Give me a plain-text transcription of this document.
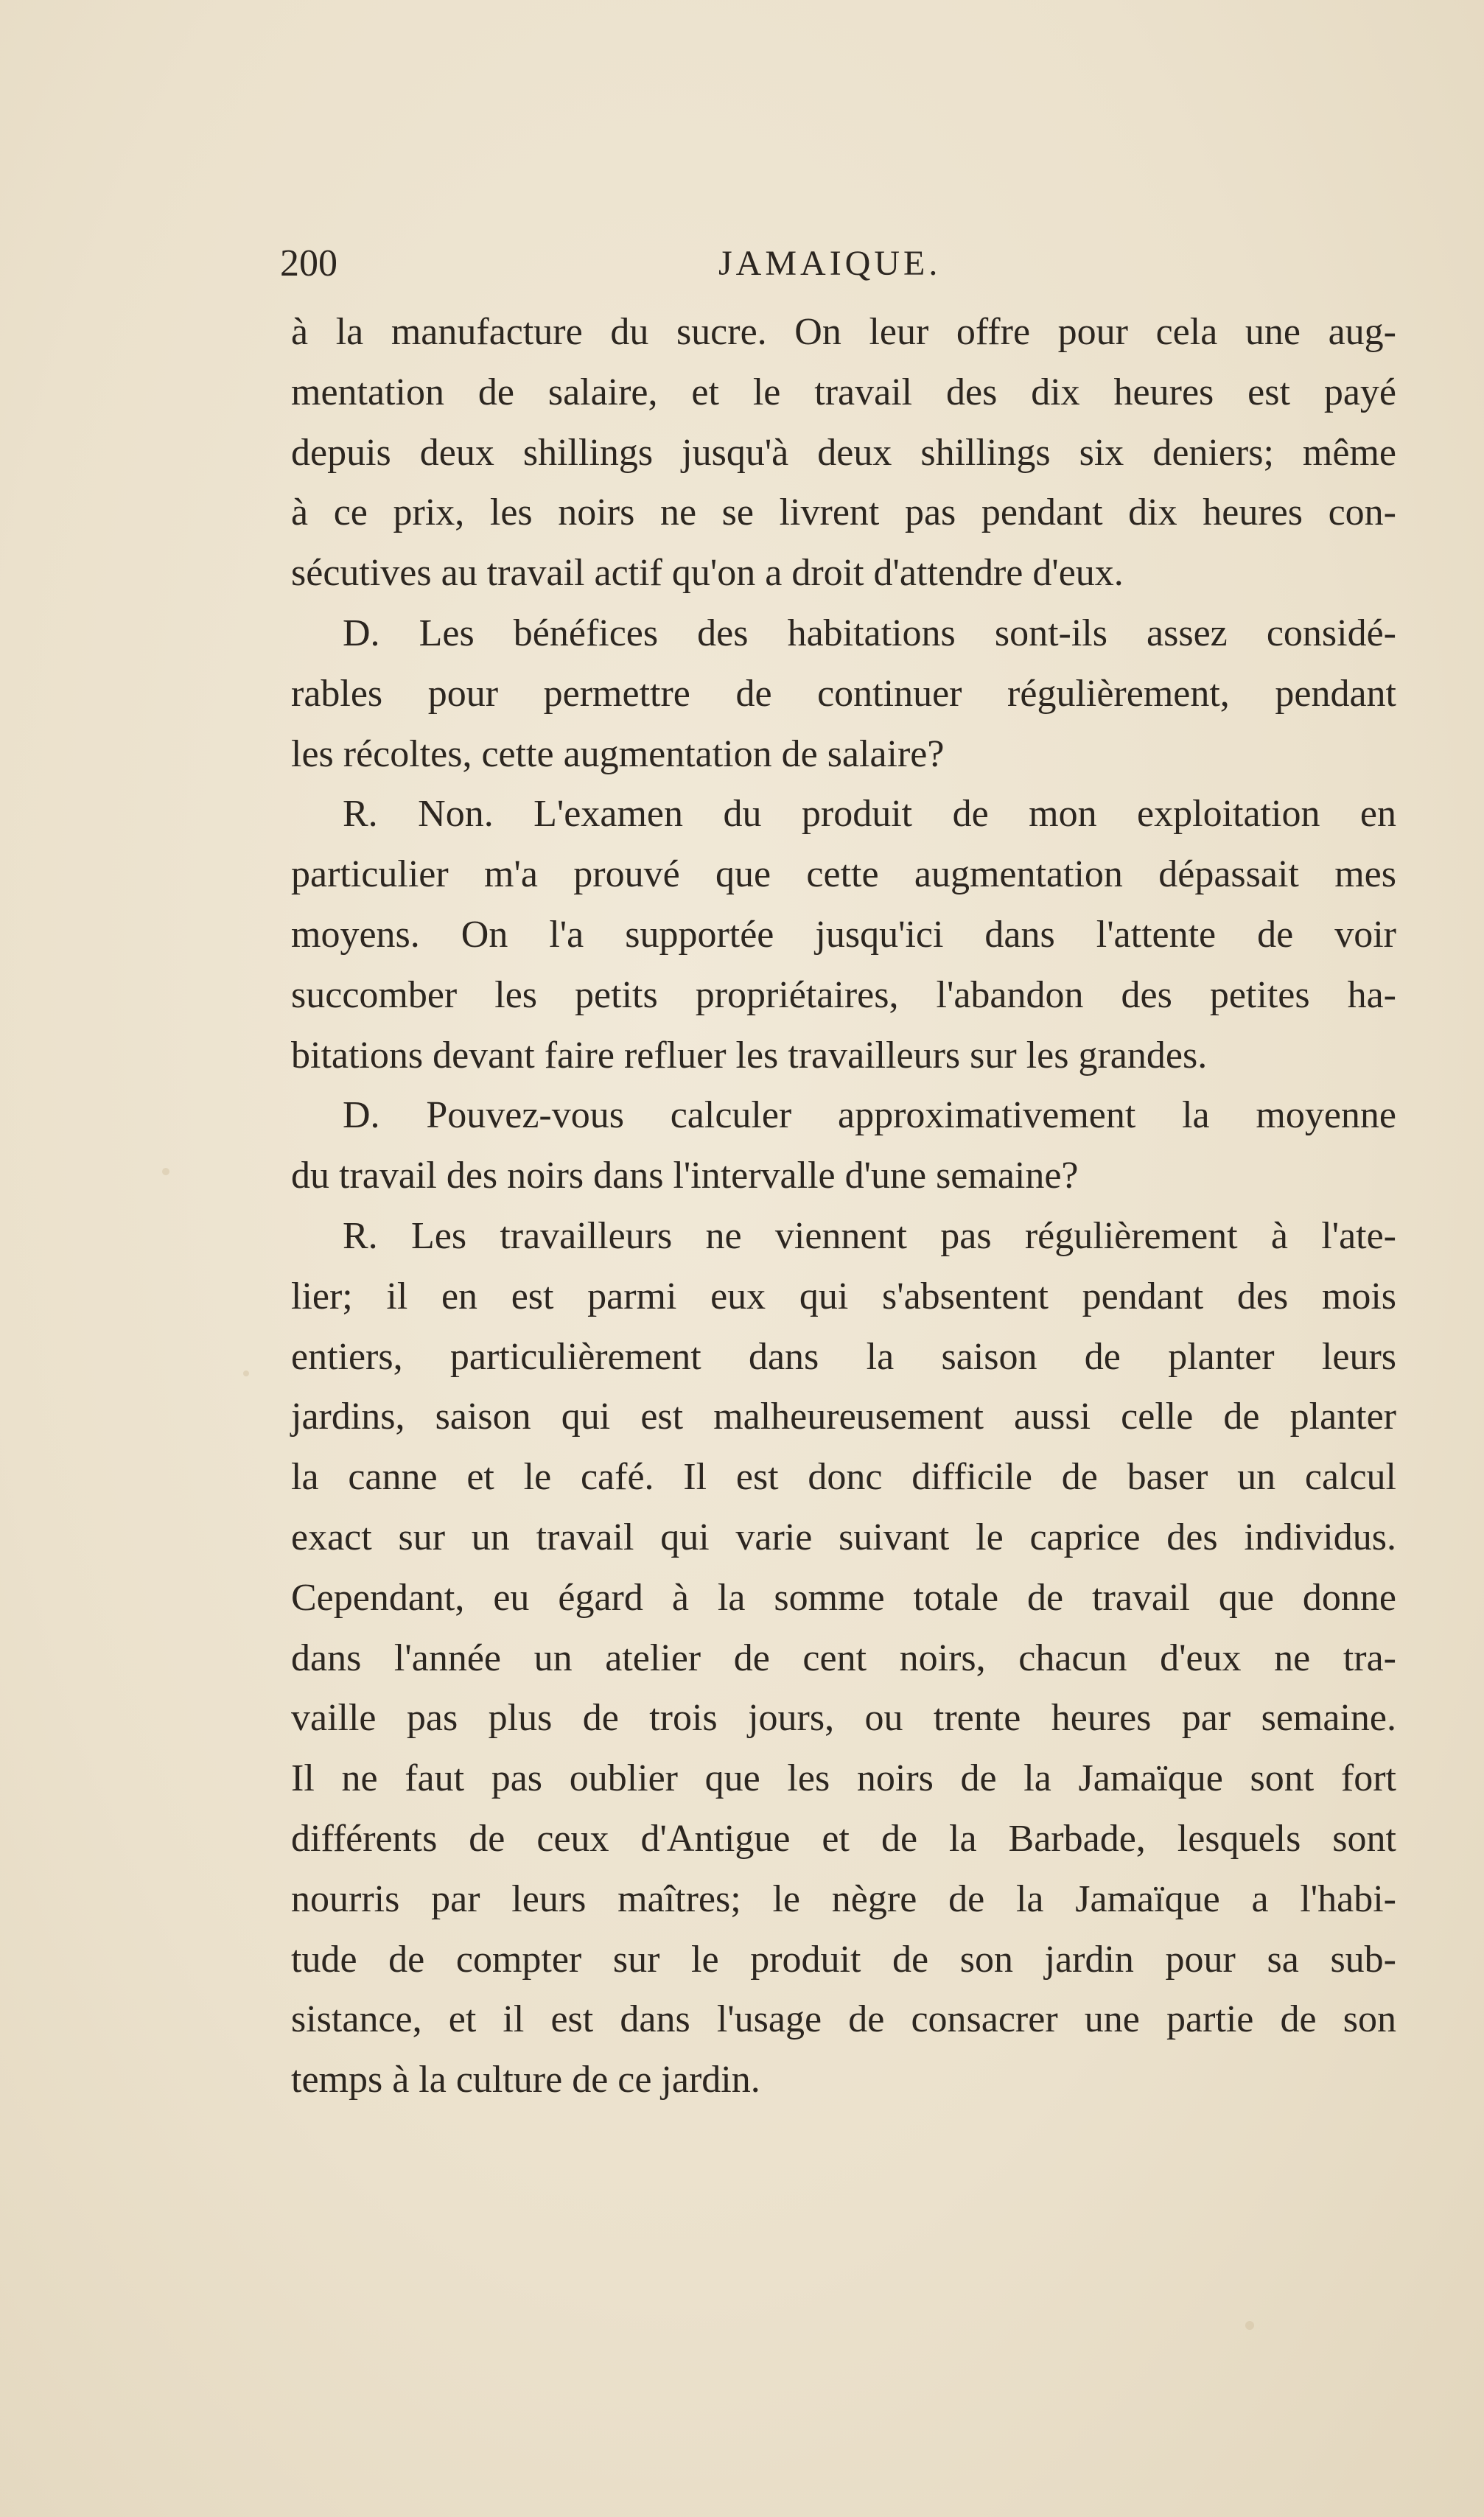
200	JAMAIQUE.
à la manufacture du sucre. On leur offre pour cela une aug-
mentation de salaire, et le travail des dix heures est payé
depuis deux shillings jusqu'à deux shillings six deniers; même
à ce prix, les noirs ne se livrent pas pendant dix heures con-
sécutives au travail actif qu'on a droit d'attendre d'eux.
D. Les bénéfices des habitations sont-ils assez considé-
rables pour permettre de continuer régulièrement, pendant
les récoltes, cette augmentation de salaire?
R. Non. L'examen du produit de mon exploitation en
particulier m'a prouvé que cette augmentation dépassait mes
moyens. On l'a supportée jusqu'ici dans l'attente de voir
succomber les petits propriétaires, l'abandon des petites ha-
bitations devant faire refluer les travailleurs sur les grandes.
D. Pouvez-vous calculer approximativement la moyenne
du travail des noirs dans l'intervalle d'une semaine?
R. Les travailleurs ne viennent pas régulièrement à l'ate-
lier; il en est parmi eux qui s'absentent pendant des mois
entiers, particulièrement dans la saison de planter leurs
jardins, saison qui est malheureusement aussi celle de planter
la canne et le café. Il est donc difficile de baser un calcul
exact sur un travail qui varie suivant le caprice des individus.
Cependant, eu égard à la somme totale de travail que donne
dans l'année un atelier de cent noirs, chacun d'eux ne tra-
vaille pas plus de trois jours, ou trente heures par semaine.
Il ne faut pas oublier que les noirs de la Jamaïque sont fort
différents de ceux d'Antigue et de la Barbade, lesquels sont
nourris par leurs maîtres; le nègre de la Jamaïque a l'habi-
tude de compter sur le produit de son jardin pour sa sub-
sistance, et il est dans l'usage de consacrer une partie de son
temps à la culture de ce jardin.
